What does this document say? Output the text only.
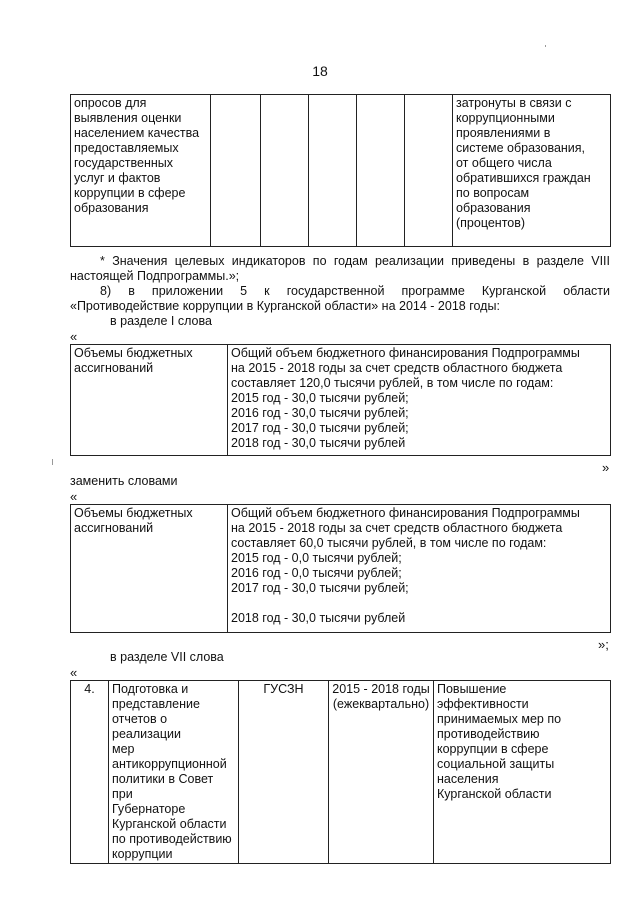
18
опросов для
выявления оценки
населением качества
предоставляемых
государственных
услуг и фактов
коррупции в сфере
образования						затронуты в связи с
коррупционными
проявлениями в
системе образования,
от общего числа
обратившихся граждан
по вопросам
образования
(процентов)
* Значения целевых индикаторов по годам реализации приведены в разделе VIII настоящей Подпрограммы.»;
8) в приложении 5 к государственной программе Курганской области «Противодействие коррупции в Курганской области» на 2014 - 2018 годы:
в разделе I слова
«
Объемы бюджетных
ассигнований	Общий объем бюджетного финансирования Подпрограммы
на 2015 - 2018 годы за счет средств областного бюджета
составляет 120,0 тысячи рублей, в том числе по годам:
2015 год - 30,0 тысячи рублей;
2016 год - 30,0 тысячи рублей;
2017 год - 30,0 тысячи рублей;
2018 год - 30,0 тысячи рублей
»
заменить словами
«
Объемы бюджетных
ассигнований	Общий объем бюджетного финансирования Подпрограммы
на 2015 - 2018 годы за счет средств областного бюджета
составляет 60,0 тысячи рублей, в том числе по годам:
2015 год - 0,0 тысячи рублей;
2016 год - 0,0 тысячи рублей;
2017 год - 30,0 тысячи рублей;

2018 год - 30,0 тысячи рублей
»;
в разделе VII слова
«
4.	Подготовка и
представление
отчетов о реализации
мер
антикоррупционной
политики в Совет при
Губернаторе
Курганской области
по противодействию
коррупции	ГУСЗН	2015 - 2018 годы
(ежеквартально)	Повышение
эффективности
принимаемых мер по
противодействию
коррупции в сфере
социальной защиты
населения
Курганской области
